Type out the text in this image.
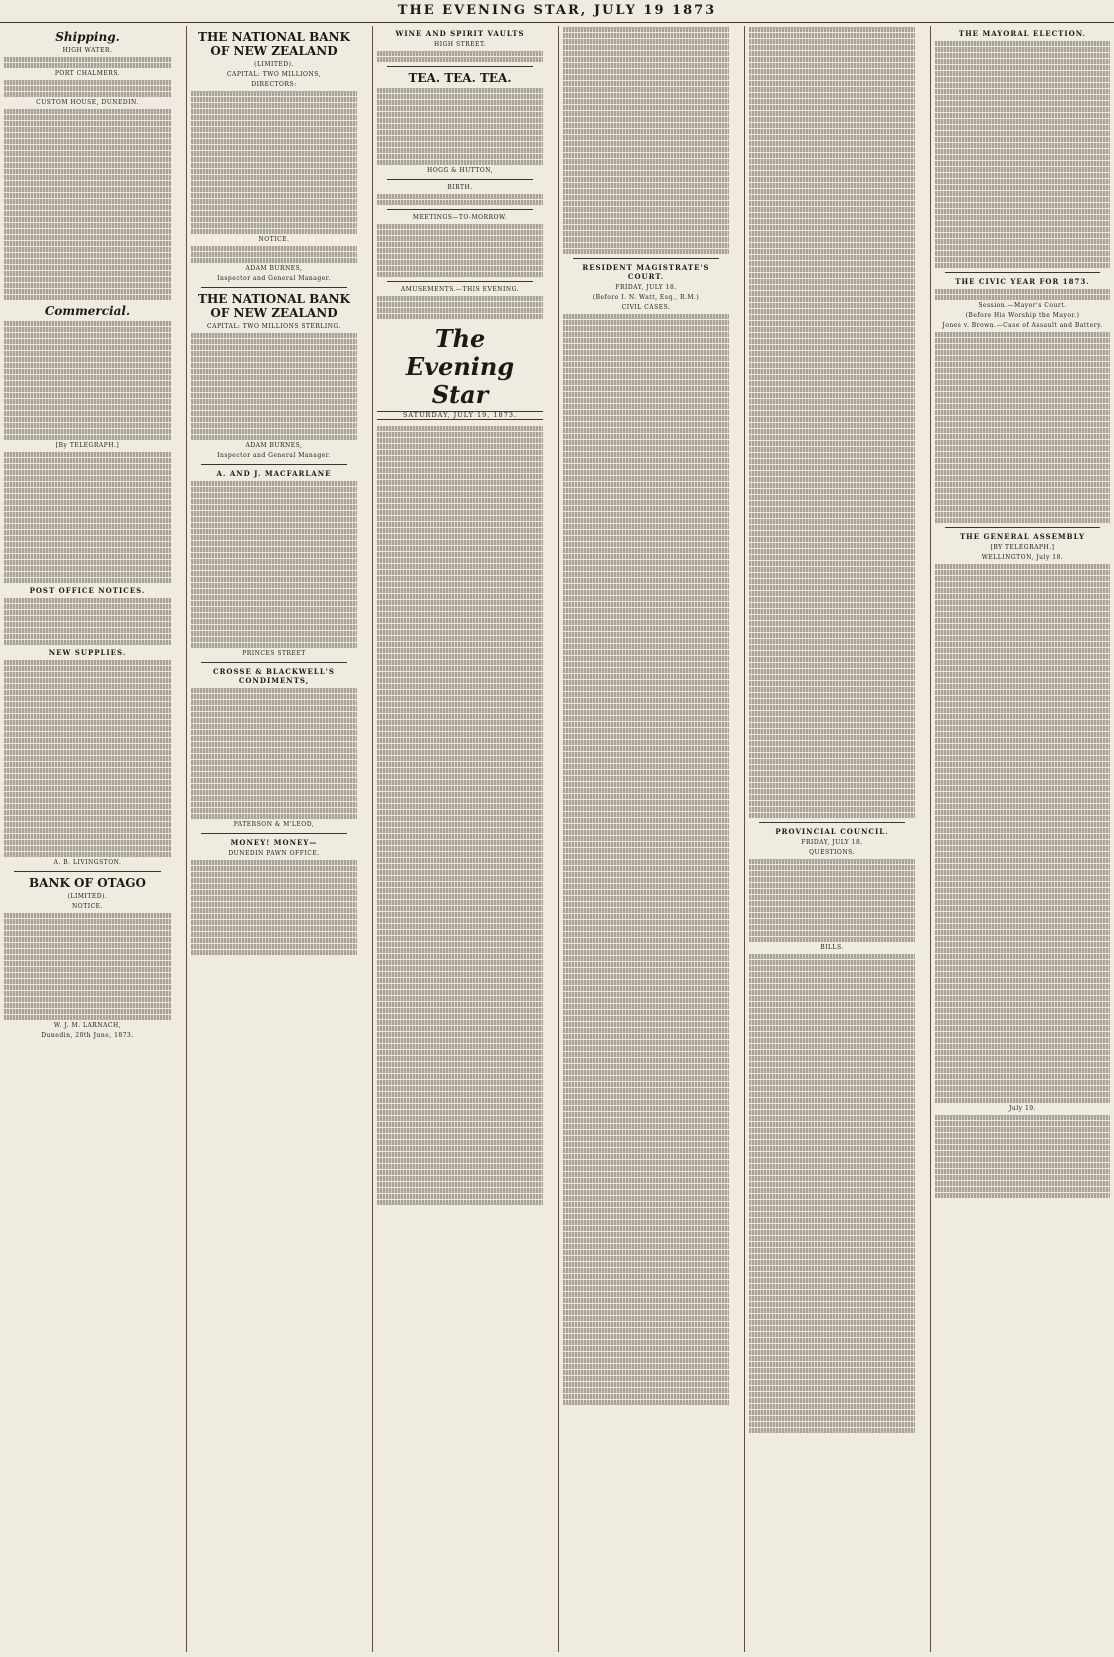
THE EVENING STAR, JULY 19 1873
Shipping.
HIGH WATER.
PORT CHALMERS.
CUSTOM HOUSE, DUNEDIN.
Commercial.
[By TELEGRAPH.]
POST OFFICE NOTICES.
NEW SUPPLIES.
A. B. LIVINGSTON.
BANK OF OTAGO
(LIMITED).
NOTICE.
W. J. M. LARNACH,
Dunedin, 20th June, 1873.
THE NATIONAL BANK OF NEW ZEALAND
(LIMITED).
CAPITAL: TWO MILLIONS,
DIRECTORS:
NOTICE.
ADAM BURNES,
Inspector and General Manager.
THE NATIONAL BANK OF NEW ZEALAND
CAPITAL: TWO MILLIONS STERLING.
ADAM BURNES,
Inspector and General Manager.
A. AND J. MACFARLANE
PRINCES STREET
CROSSE & BLACKWELL'S CONDIMENTS,
PATERSON & M'LEOD,
MONEY! MONEY—
DUNEDIN PAWN OFFICE.
WINE AND SPIRIT VAULTS
HIGH STREET.
TEA. TEA. TEA.
HOGG & HUTTON,
BIRTH.
MEETINGS—TO-MORROW.
AMUSEMENTS.—THIS EVENING.
The Evening Star
SATURDAY, JULY 19, 1873.
RESIDENT MAGISTRATE'S COURT.
FRIDAY, JULY 18.
(Before I. N. Watt, Esq., R.M.)
CIVIL CASES.
PROVINCIAL COUNCIL.
FRIDAY, JULY 18.
QUESTIONS.
BILLS.
THE MAYORAL ELECTION.
THE CIVIC YEAR FOR 1873.
Session.—Mayor's Court.
(Before His Worship the Mayor.)
Jones v. Brown.—Case of Assault and Battery.
THE GENERAL ASSEMBLY
[BY TELEGRAPH.]
WELLINGTON, July 18.
July 19.
